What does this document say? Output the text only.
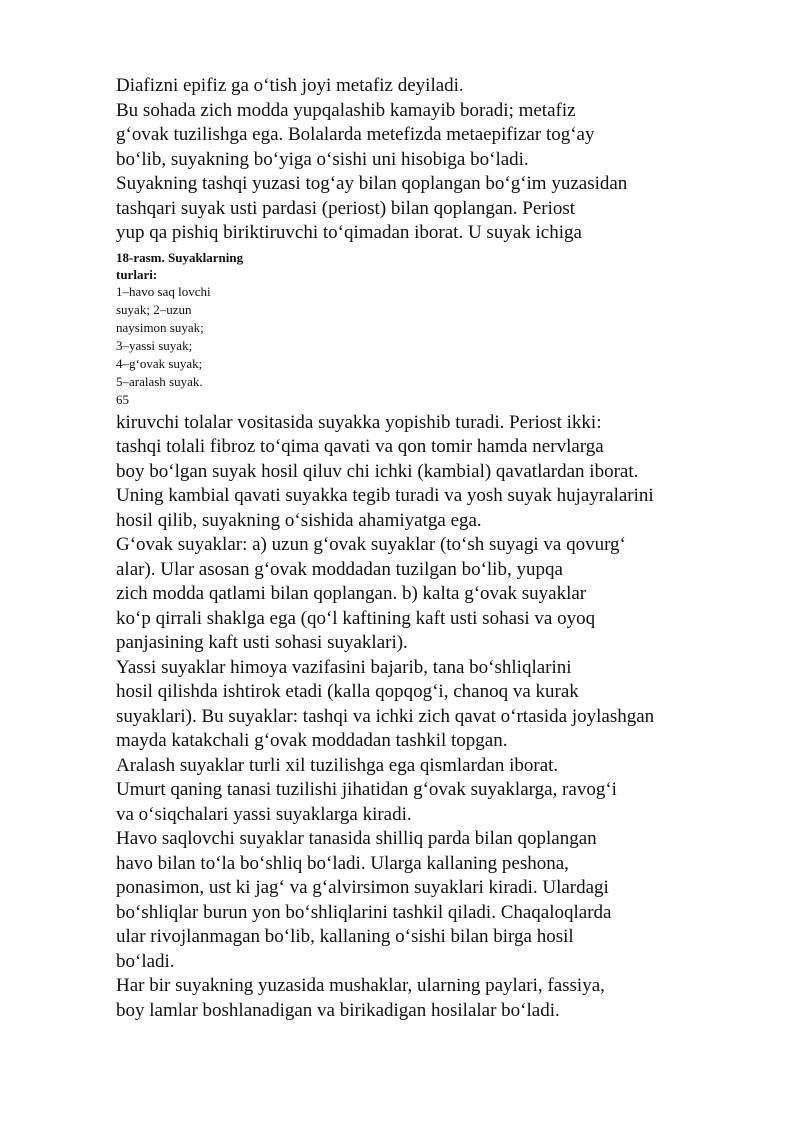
Diafizni epifiz ga o‘tish joyi metafiz deyiladi.
Bu sohada zich modda yupqalashib kamayib boradi; metafiz
g‘ovak tuzilishga ega. Bolalarda metefizda metaepifizar tog‘ay
bo‘lib, suyakning bo‘yiga o‘sishi uni hisobiga bo‘ladi.
Suyakning tashqi yuzasi tog‘ay bilan qoplangan bo‘g‘im yuzasidan
tashqari suyak usti pardasi (periost) bilan qoplangan. Periost
yup qa pishiq biriktiruvchi to‘qimadan iborat. U suyak ichiga
18-rasm. Suyaklarning
turlari:
1–havo saq lovchi
suyak; 2–uzun
naysimon suyak;
3–yassi suyak;
4–g‘ovak suyak;
5–aralash suyak.
65
kiruvchi tolalar vositasida suyakka yopishib turadi. Periost ikki:
tashqi tolali fibroz to‘qima qavati va qon tomir hamda nervlarga
boy bo‘lgan suyak hosil qiluv chi ichki (kambial) qavatlardan iborat.
Uning kambial qavati suyakka tegib turadi va yosh suyak hujayralarini
hosil qilib, suyakning o‘sishida ahamiyatga ega.
G‘ovak suyaklar: a) uzun g‘ovak suyaklar (to‘sh suyagi va qovurg‘
alar). Ular asosan g‘ovak moddadan tuzilgan bo‘lib, yupqa
zich modda qatlami bilan qoplangan. b) kalta g‘ovak suyaklar
ko‘p qirrali shaklga ega (qo‘l kaftining kaft usti sohasi va oyoq
panjasining kaft usti sohasi suyaklari).
Yassi suyaklar himoya vazifasini bajarib, tana bo‘shliqlarini
hosil qilishda ishtirok etadi (kalla qopqog‘i, chanoq va kurak
suyaklari). Bu suyaklar: tashqi va ichki zich qavat o‘rtasida joylashgan
mayda katakchali g‘ovak moddadan tashkil topgan.
Aralash suyaklar turli xil tuzilishga ega qismlardan iborat.
Umurt qaning tanasi tuzilishi jihatidan g‘ovak suyaklarga, ravog‘i
va o‘siqchalari yassi suyaklarga kiradi.
Havo saqlovchi suyaklar tanasida shilliq parda bilan qoplangan
havo bilan to‘la bo‘shliq bo‘ladi. Ularga kallaning peshona,
ponasimon, ust ki jag‘ va g‘alvirsimon suyaklari kiradi. Ulardagi
bo‘shliqlar burun yon bo‘shliqlarini tashkil qiladi. Chaqaloqlarda
ular rivojlanmagan bo‘lib, kallaning o‘sishi bilan birga hosil
bo‘ladi.
Har bir suyakning yuzasida mushaklar, ularning paylari, fassiya,
boy lamlar boshlanadigan va birikadigan hosilalar bo‘ladi.
